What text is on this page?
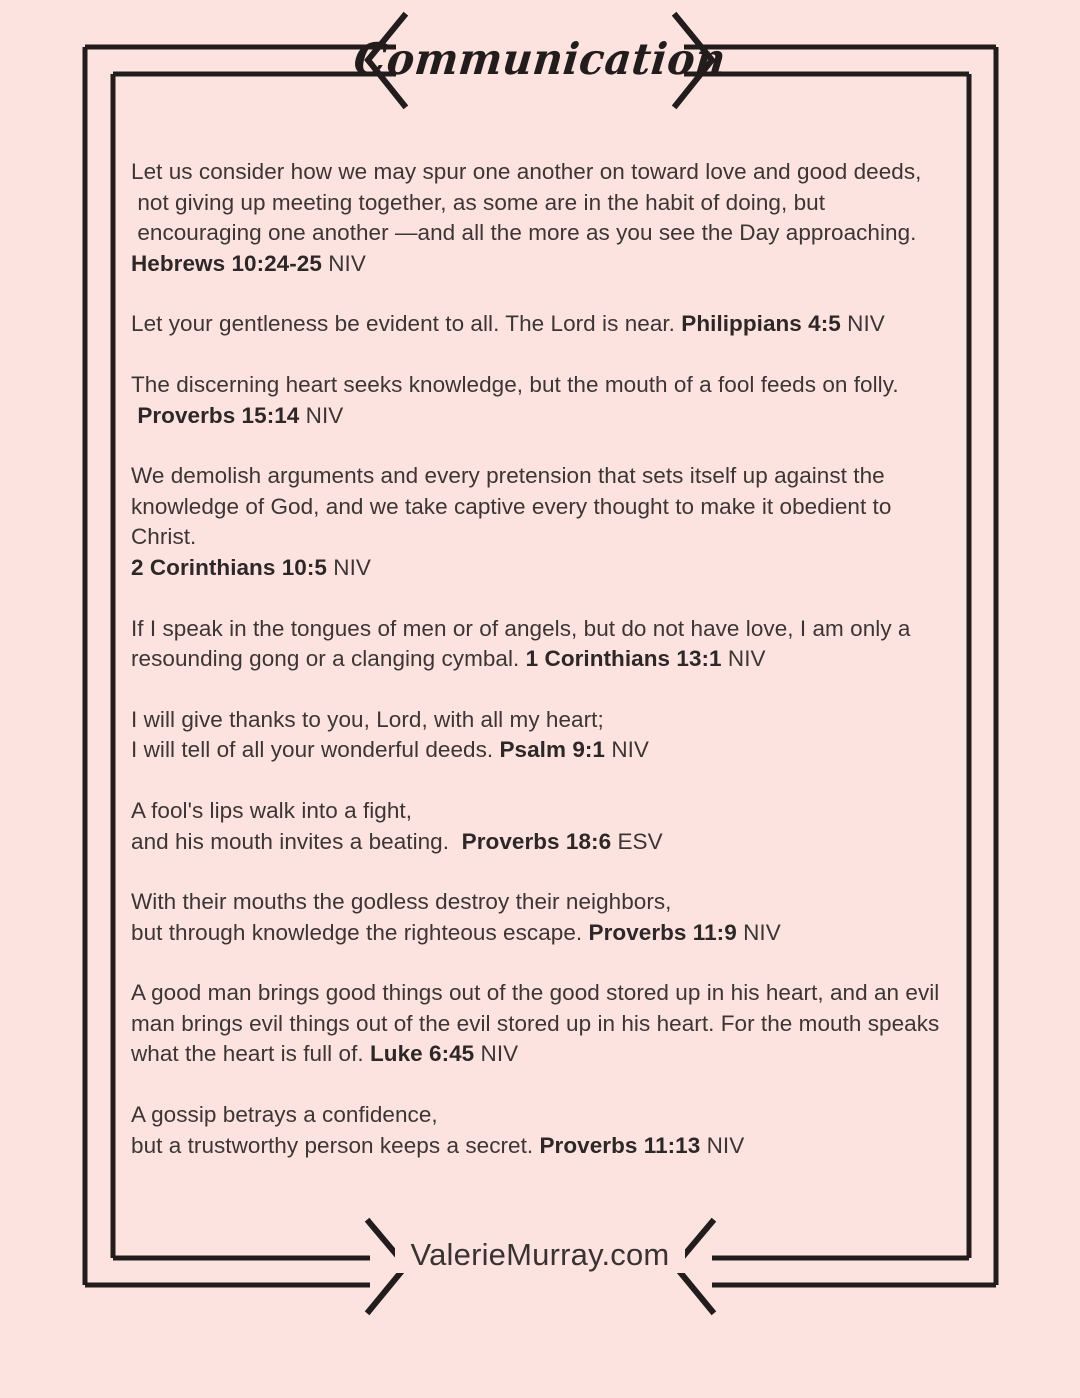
Communication
Let us consider how we may spur one another on toward love and good deeds,
not giving up meeting together, as some are in the habit of doing, but
encouraging one another —and all the more as you see the Day approaching.
Hebrews 10:24-25 NIV
Let your gentleness be evident to all. The Lord is near. Philippians 4:5 NIV
The discerning heart seeks knowledge, but the mouth of a fool feeds on folly.
Proverbs 15:14 NIV
We demolish arguments and every pretension that sets itself up against the
knowledge of God, and we take captive every thought to make it obedient to
Christ.
2 Corinthians 10:5 NIV
If I speak in the tongues of men or of angels, but do not have love, I am only a
resounding gong or a clanging cymbal. 1 Corinthians 13:1 NIV
I will give thanks to you, Lord, with all my heart;
I will tell of all your wonderful deeds. Psalm 9:1 NIV
A fool's lips walk into a fight,
and his mouth invites a beating.  Proverbs 18:6 ESV
With their mouths the godless destroy their neighbors,
but through knowledge the righteous escape. Proverbs 11:9 NIV
A good man brings good things out of the good stored up in his heart, and an evil
man brings evil things out of the evil stored up in his heart. For the mouth speaks
what the heart is full of. Luke 6:45 NIV
A gossip betrays a confidence,
but a trustworthy person keeps a secret. Proverbs 11:13 NIV
ValerieMurray.com
